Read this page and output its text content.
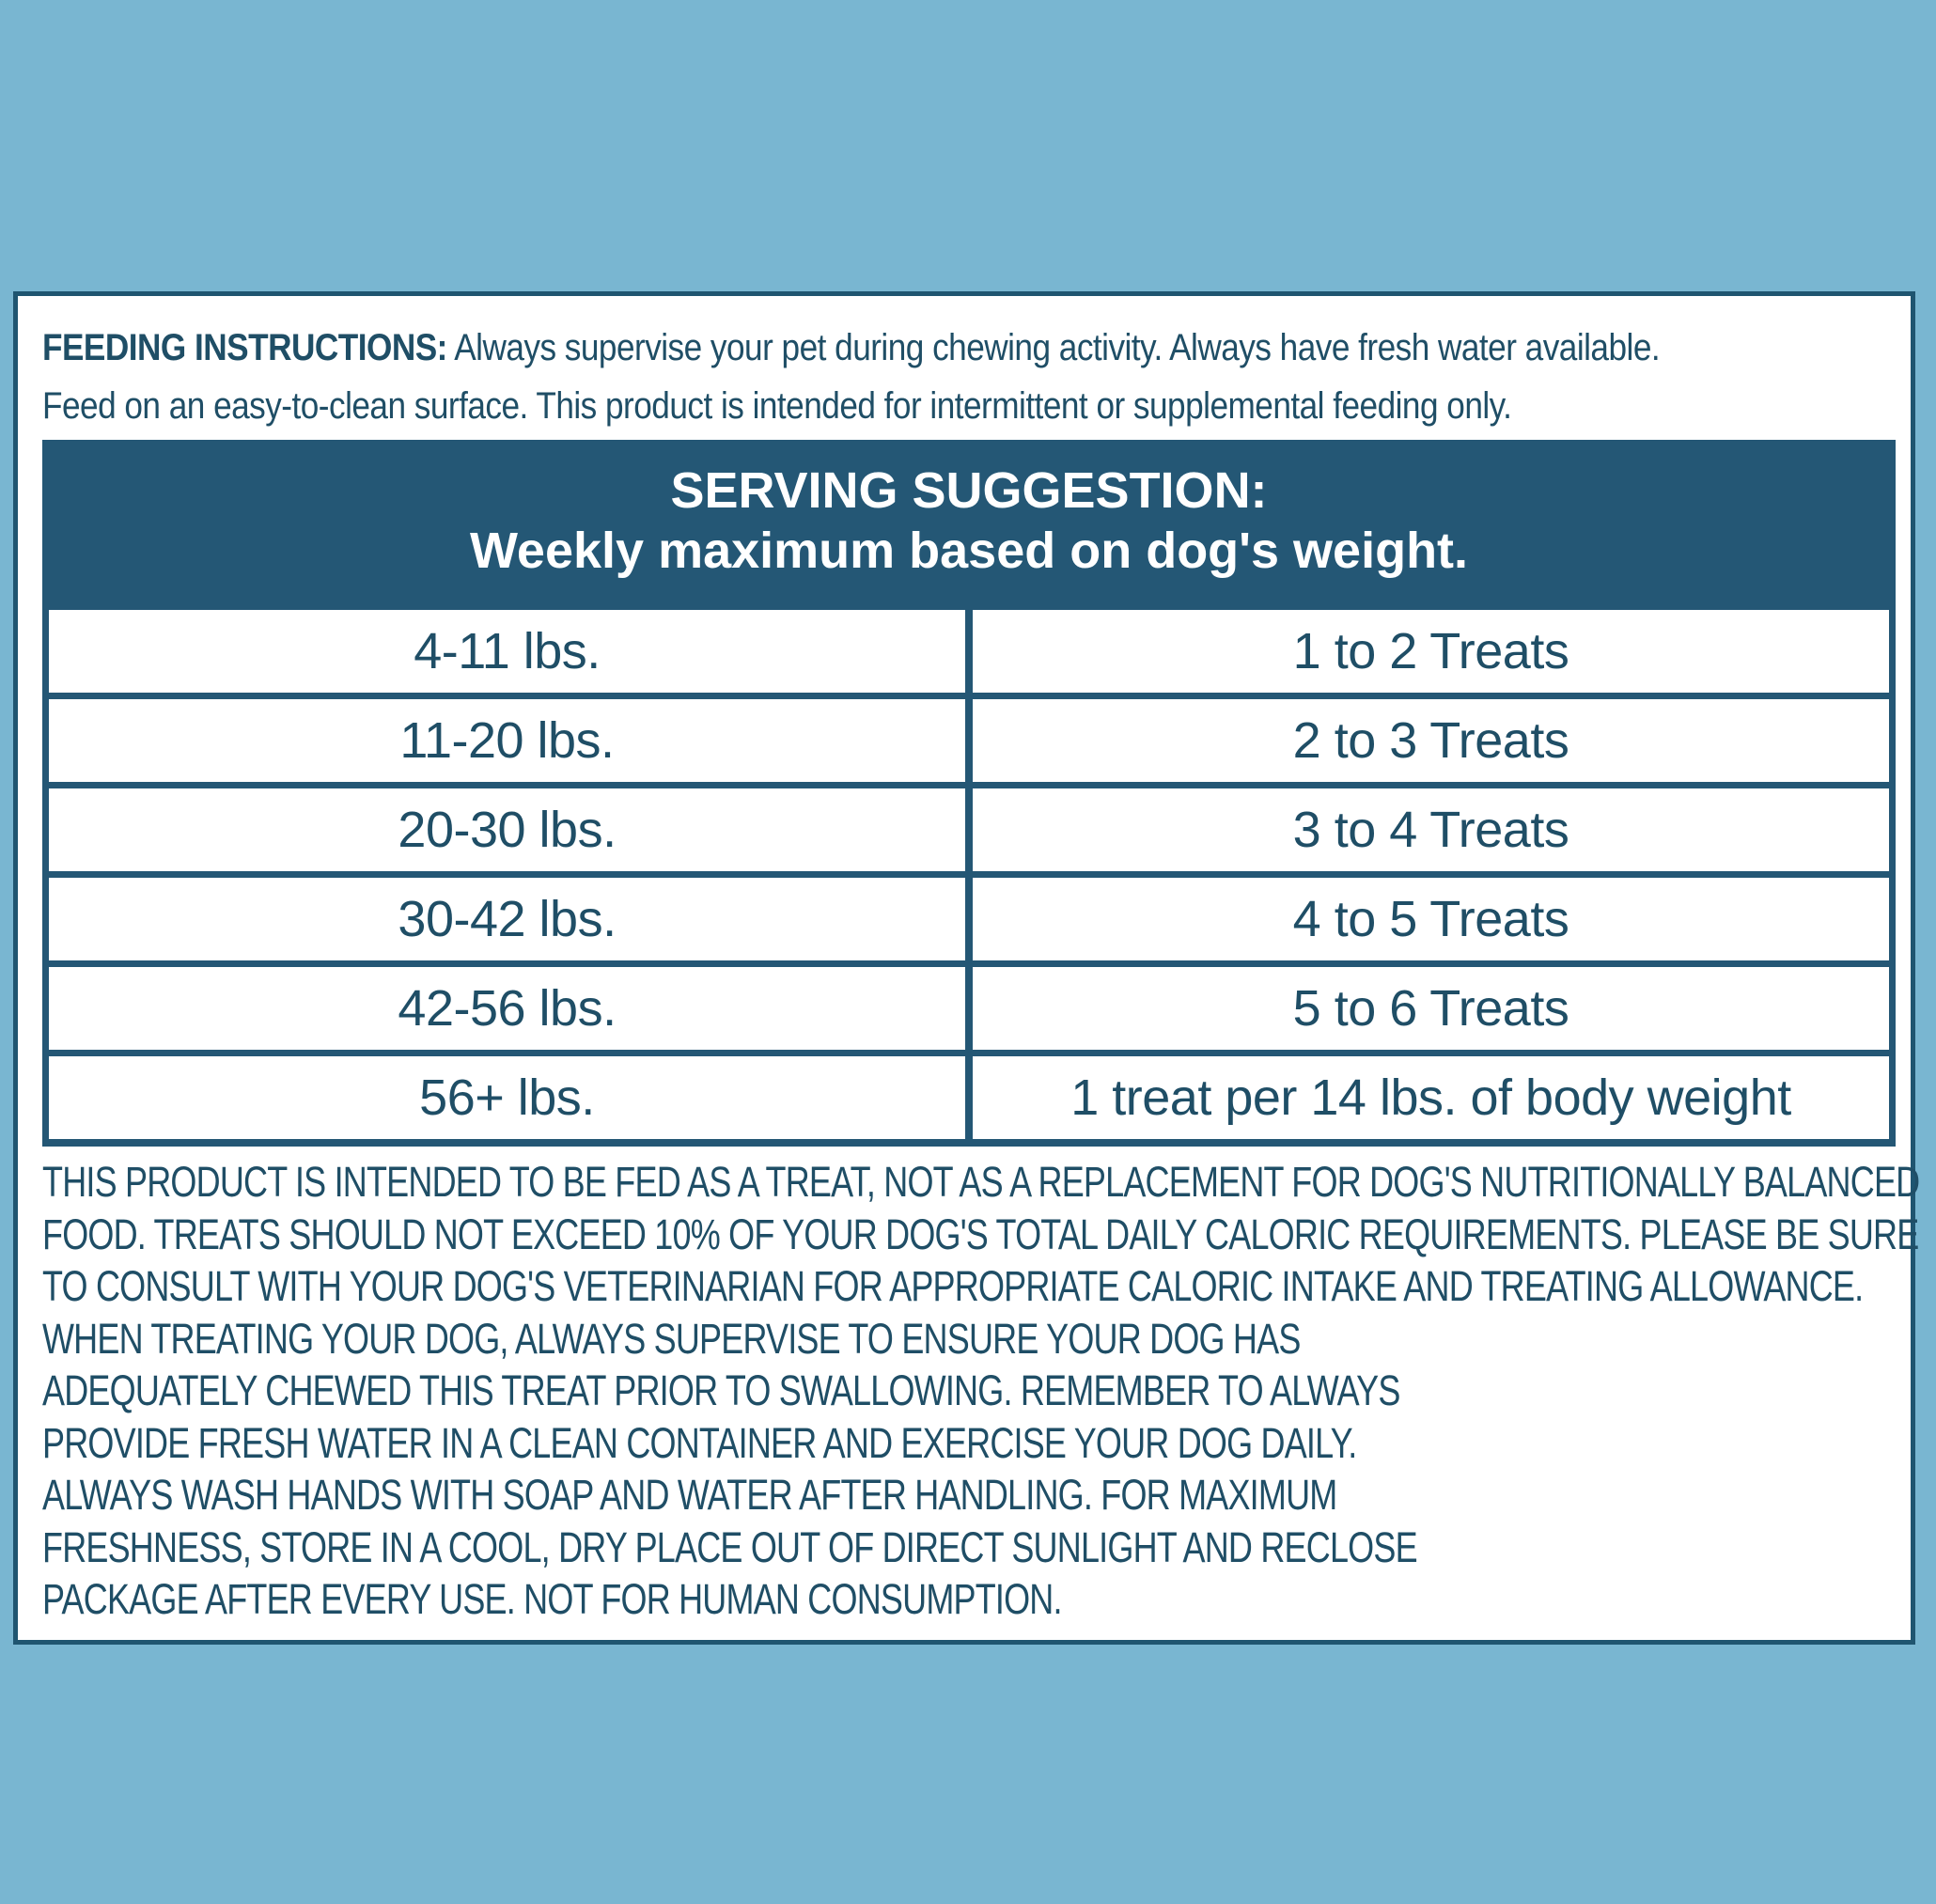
FEEDING INSTRUCTIONS: Always supervise your pet during chewing activity. Always have fresh water available.
Feed on an easy-to-clean surface. This product is intended for intermittent or supplemental feeding only.
SERVING SUGGESTION:
Weekly maximum based on dog's weight.
4-11 lbs.	1 to 2 Treats
11-20 lbs.	2 to 3 Treats
20-30 lbs.	3 to 4 Treats
30-42 lbs.	4 to 5 Treats
42-56 lbs.	5 to 6 Treats
56+ lbs.	1 treat per 14 lbs. of body weight
THIS PRODUCT IS INTENDED TO BE FED AS A TREAT, NOT AS A REPLACEMENT FOR DOG'S NUTRITIONALLY BALANCED
FOOD. TREATS SHOULD NOT EXCEED 10% OF YOUR DOG'S TOTAL DAILY CALORIC REQUIREMENTS. PLEASE BE SURE
TO CONSULT WITH YOUR DOG'S VETERINARIAN FOR APPROPRIATE CALORIC INTAKE AND TREATING ALLOWANCE.
WHEN TREATING YOUR DOG, ALWAYS SUPERVISE TO ENSURE YOUR DOG HAS
ADEQUATELY CHEWED THIS TREAT PRIOR TO SWALLOWING. REMEMBER TO ALWAYS
PROVIDE FRESH WATER IN A CLEAN CONTAINER AND EXERCISE YOUR DOG DAILY.
ALWAYS WASH HANDS WITH SOAP AND WATER AFTER HANDLING. FOR MAXIMUM
FRESHNESS, STORE IN A COOL, DRY PLACE OUT OF DIRECT SUNLIGHT AND RECLOSE
PACKAGE AFTER EVERY USE. NOT FOR HUMAN CONSUMPTION.
